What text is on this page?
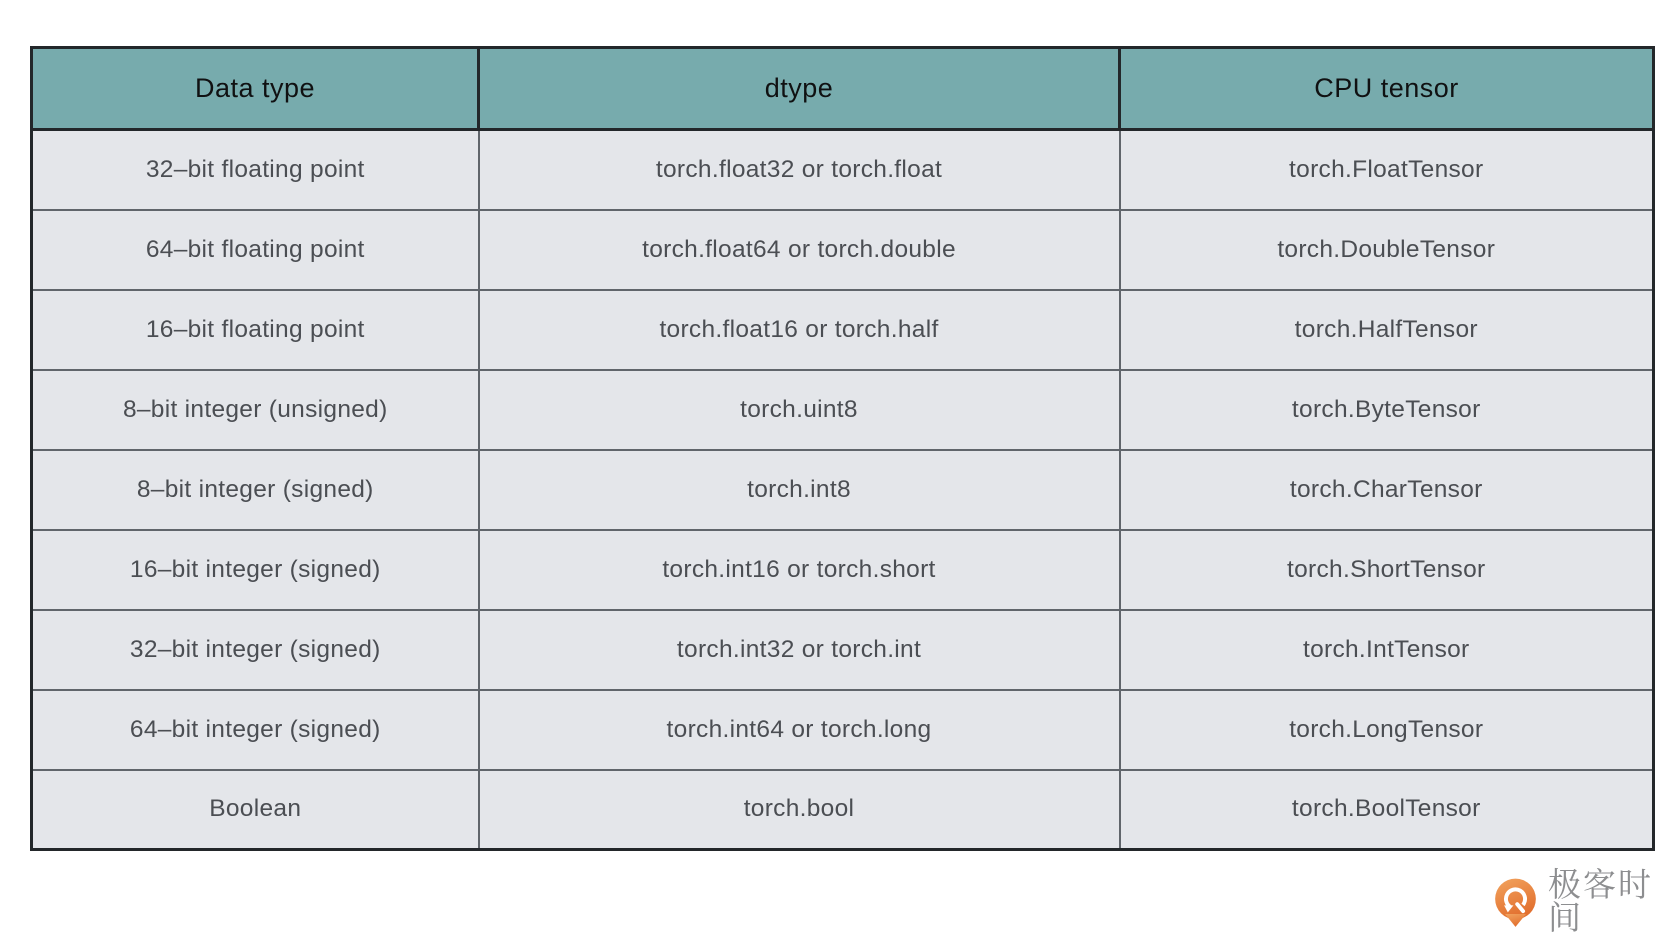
Data type	dtype	CPU tensor
32–bit floating point	torch.float32 or torch.float	torch.FloatTensor
64–bit floating point	torch.float64 or torch.double	torch.DoubleTensor
16–bit floating point	torch.float16 or torch.half	torch.HalfTensor
8–bit integer (unsigned)	torch.uint8	torch.ByteTensor
8–bit integer (signed)	torch.int8	torch.CharTensor
16–bit integer (signed)	torch.int16 or torch.short	torch.ShortTensor
32–bit integer (signed)	torch.int32 or torch.int	torch.IntTensor
64–bit integer (signed)	torch.int64 or torch.long	torch.LongTensor
Boolean	torch.bool	torch.BoolTensor
极客时间
